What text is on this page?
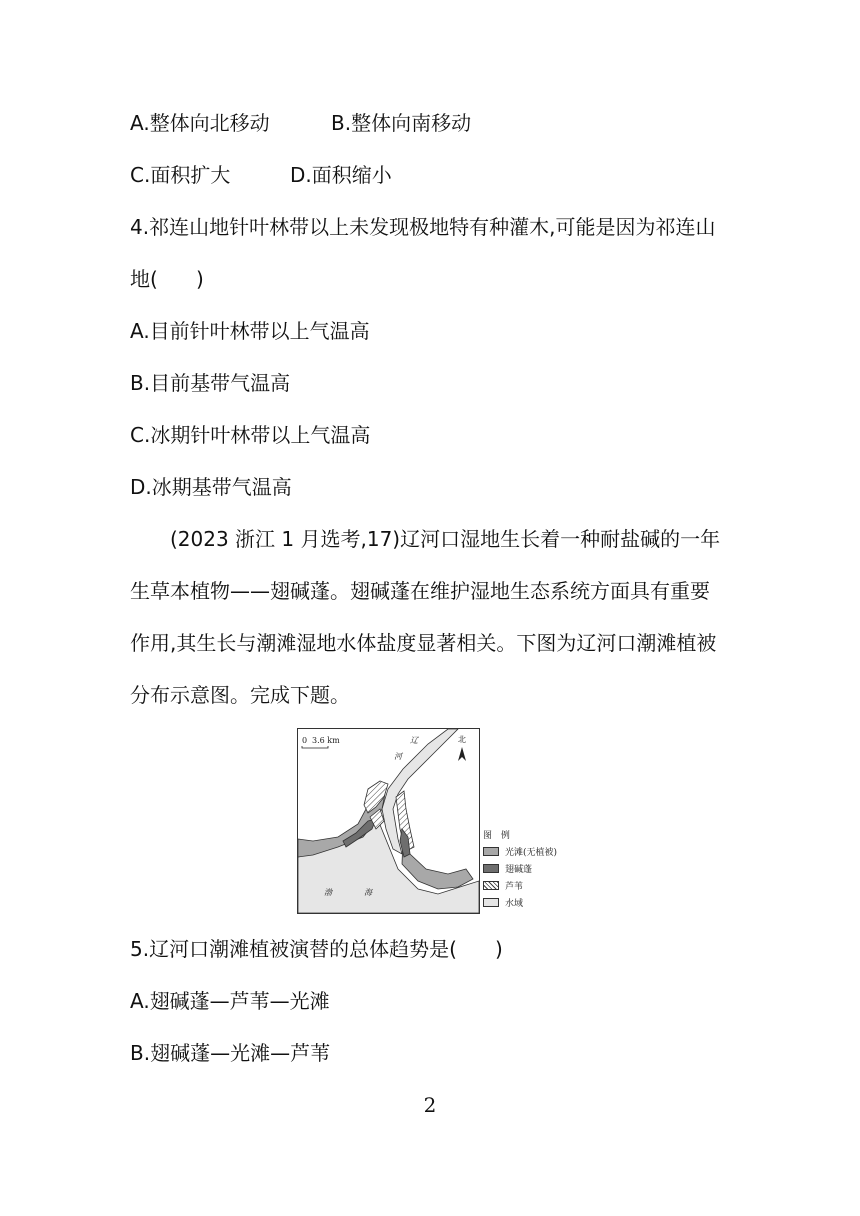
A.整体向北移动	B.整体向南移动
C.面积扩大	D.面积缩小
4.祁连山地针叶林带以上未发现极地特有种灌木,可能是因为祁连山
地(      )
A.目前针叶林带以上气温高
B.目前基带气温高
C.冰期针叶林带以上气温高
D.冰期基带气温高
(2023 浙江 1 月选考,17)辽河口湿地生长着一种耐盐碱的一年
生草本植物——翅碱蓬。翅碱蓬在维护湿地生态系统方面具有重要
作用,其生长与潮滩湿地水体盐度显著相关。下图为辽河口潮滩植被
分布示意图。完成下题。
0 3.6 km	辽
河
北
渤	海
图 例
光滩(无植被)
翅碱蓬
芦苇
水域
5.辽河口潮滩植被演替的总体趋势是(      )
A.翅碱蓬—芦苇—光滩
B.翅碱蓬—光滩—芦苇
2
